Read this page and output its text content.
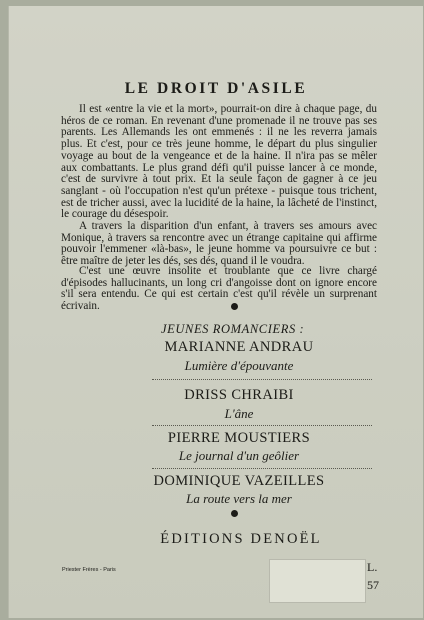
LE DROIT D'ASILE

Il est «entre la vie et la mort», pourrait-on dire à chaque page, du héros de ce roman. En revenant d'une promenade il ne trouve pas ses parents. Les Allemands les ont emmenés : il ne les reverra jamais plus. Et c'est, pour ce très jeune homme, le départ du plus singulier voyage au bout de la vengeance et de la haine. Il n'ira pas se mêler aux combattants. Le plus grand défi qu'il puisse lancer à ce monde, c'est de survivre à tout prix. Et la seule façon de gagner à ce jeu sanglant - où l'occupation n'est qu'un prétexe - puisque tous trichent, est de tricher aussi, avec la lucidité de la haine, la lâcheté de l'instinct, le courage du désespoir.

A travers la disparition d'un enfant, à travers ses amours avec Monique, à travers sa rencontre avec un étrange capitaine qui affirme pouvoir l'emmener «là-bas», le jeune homme va poursuivre ce but : être maître de jeter les dés, ses dés, quand il le voudra.

C'est une œuvre insolite et troublante que ce livre chargé d'épisodes hallucinants, un long cri d'angoisse dont on ignore encore s'il sera entendu. Ce qui est certain c'est qu'il révèle un surprenant écrivain.

JEUNES ROMANCIERS :
MARIANNE ANDRAU
Lumière d'épouvante
DRISS CHRAIBI
L'âne
PIERRE MOUSTIERS
Le journal d'un geôlier
DOMINIQUE VAZEILLES
La route vers la mer
ÉDITIONS DENOËL
Priester Frères - Paris	L.
57
